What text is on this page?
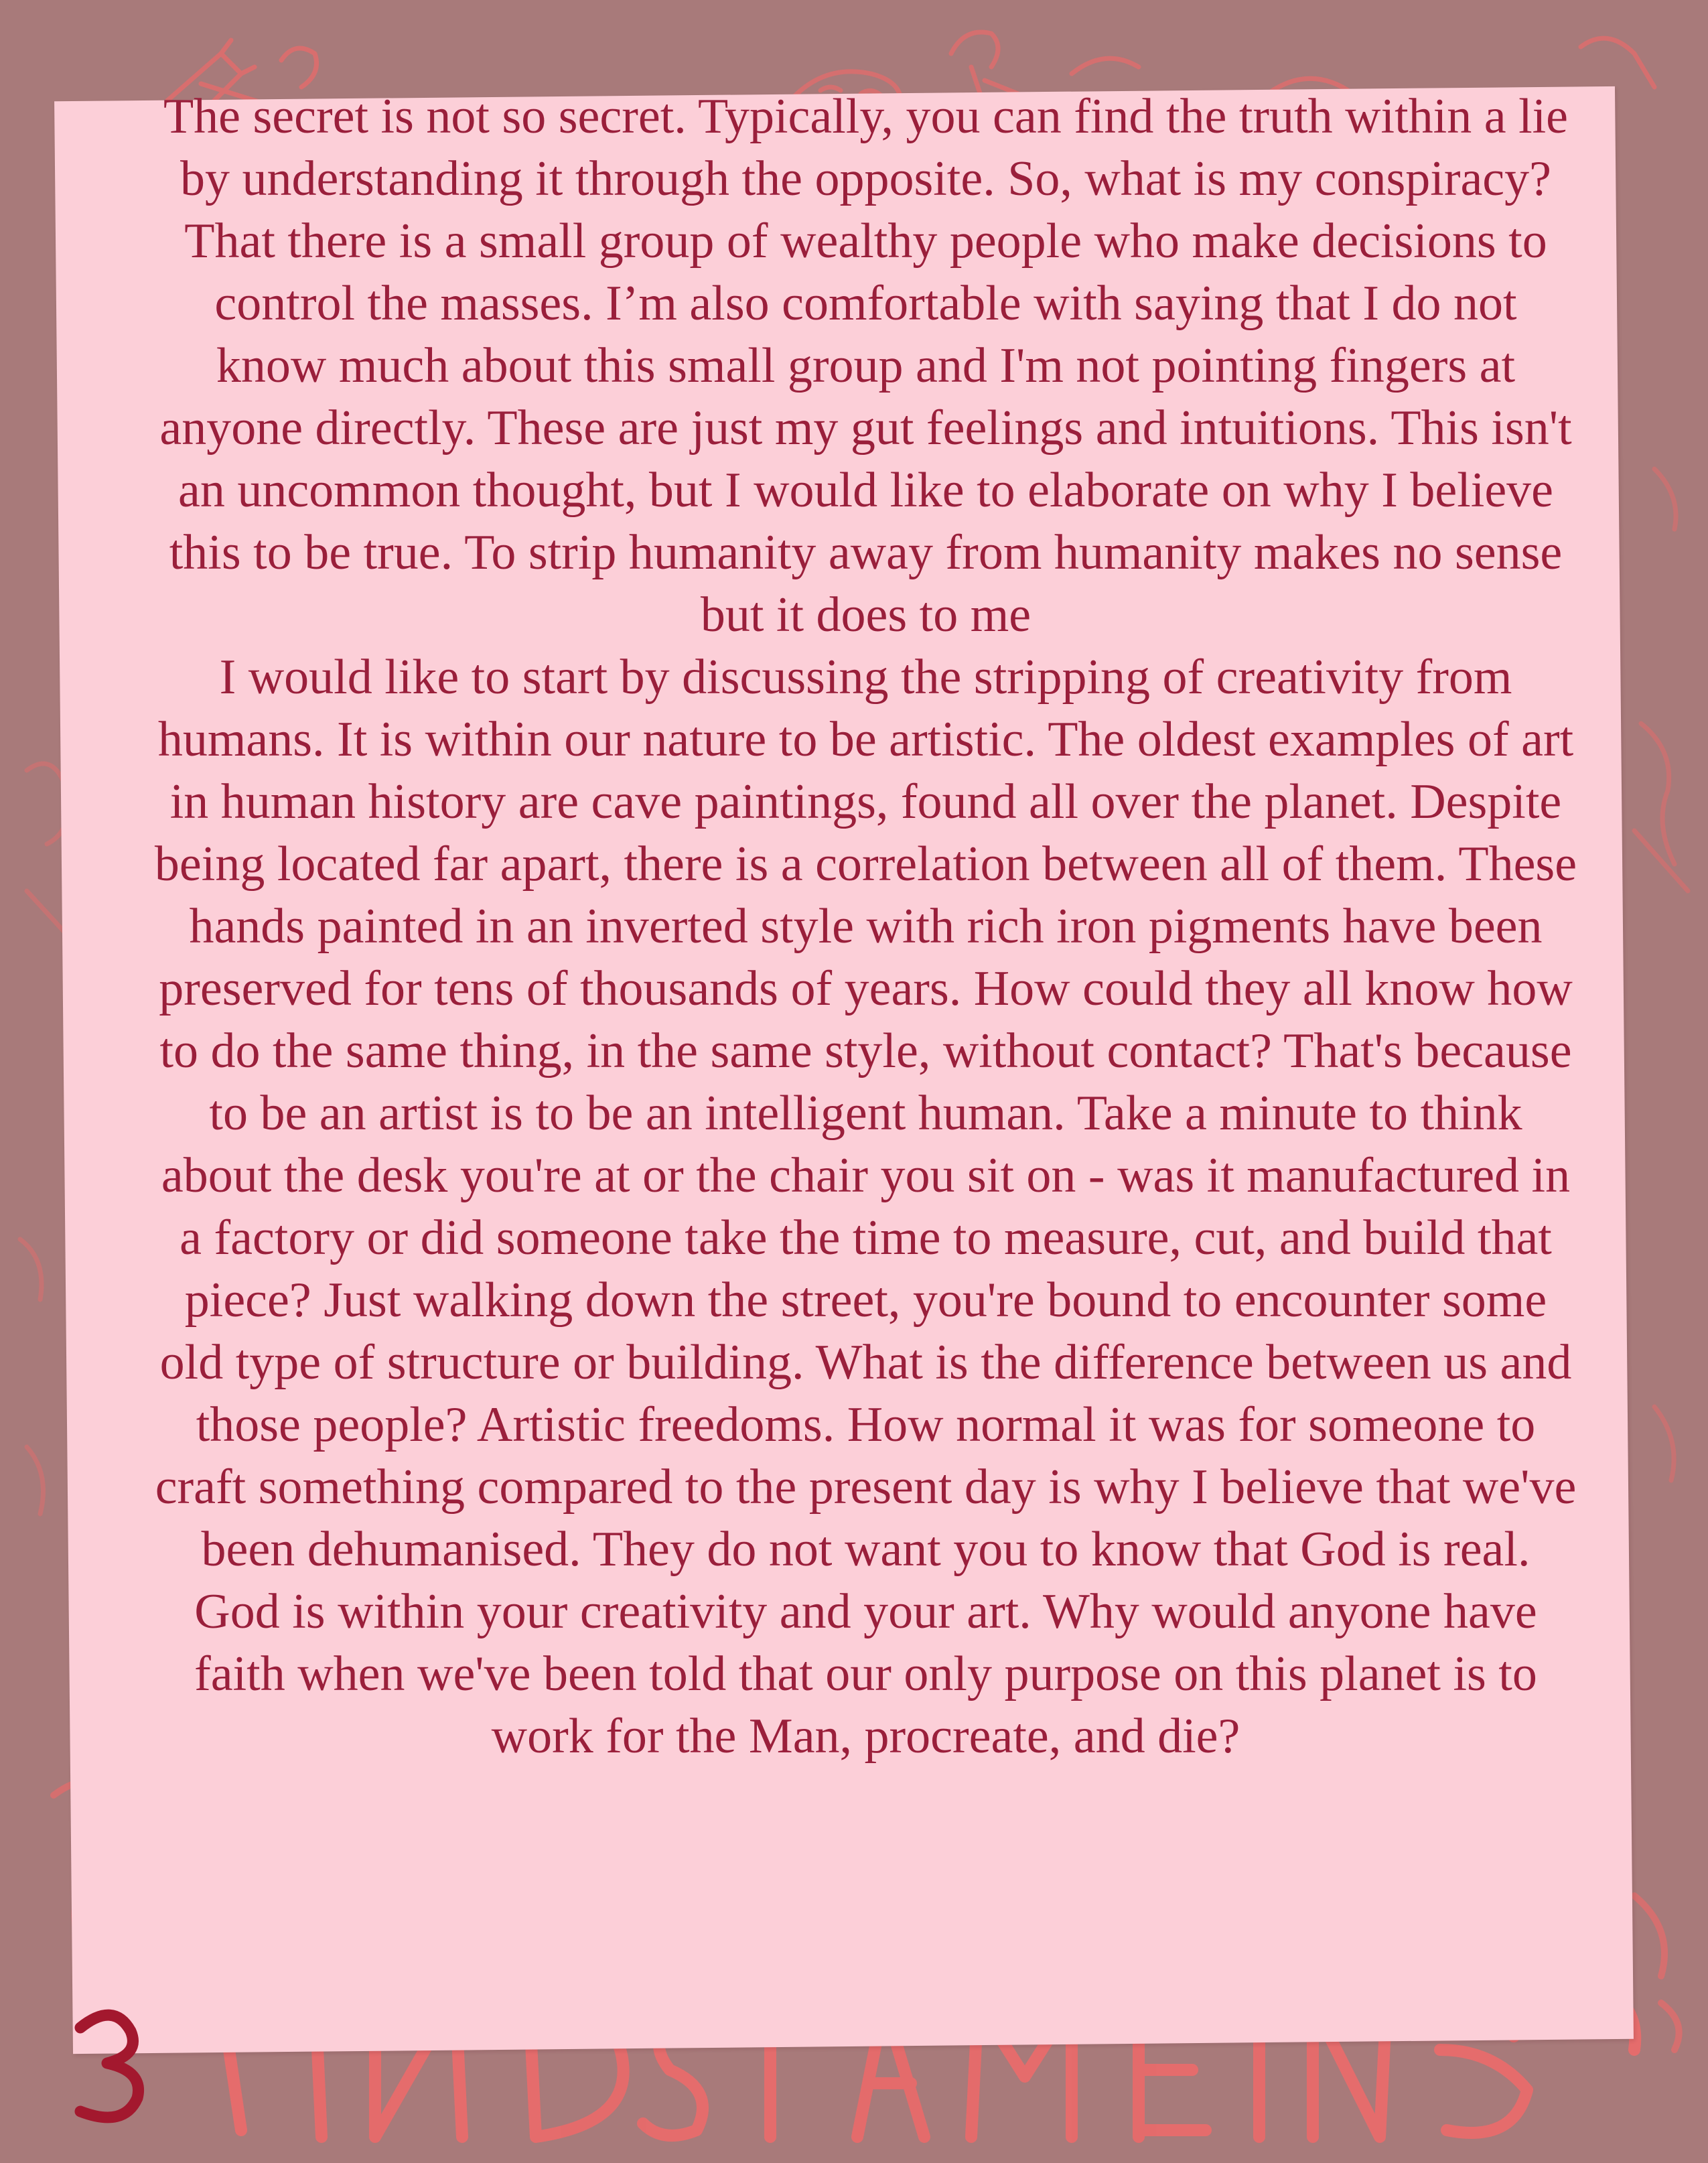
The secret is not so secret. Typically, you can find the truth within a lie by understanding it through the opposite. So, what is my conspiracy? That there is a small group of wealthy people who make decisions to control the masses. I’m also comfortable with saying that I do not know much about this small group and I'm not pointing fingers at anyone directly. These are just my gut feelings and intuitions. This isn't an uncommon thought, but I would like to elaborate on why I believe this to be true. To strip humanity away from humanity makes no sense but it does to me

I would like to start by discussing the stripping of creativity from humans. It is within our nature to be artistic. The oldest examples of art in human history are cave paintings, found all over the planet. Despite being located far apart, there is a correlation between all of them. These hands painted in an inverted style with rich iron pigments have been preserved for tens of thousands of years. How could they all know how to do the same thing, in the same style, without contact? That's because to be an artist is to be an intelligent human. Take a minute to think about the desk you're at or the chair you sit on - was it manufactured in a factory or did someone take the time to measure, cut, and build that piece? Just walking down the street, you're bound to encounter some old type of structure or building. What is the difference between us and those people? Artistic freedoms. How normal it was for someone to craft something compared to the present day is why I believe that we've been dehumanised. They do not want you to know that God is real. God is within your creativity and your art. Why would anyone have faith when we've been told that our only purpose on this planet is to work for the Man, procreate, and die?
